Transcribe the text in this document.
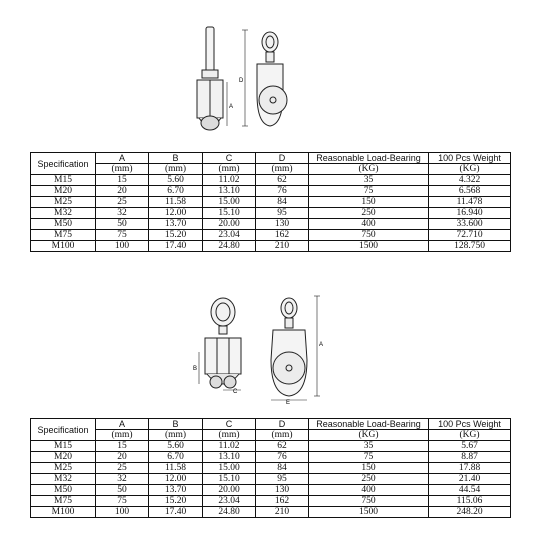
A
D
Specification	A	B	C	D	Reasonable Load-Bearing	100 Pcs Weight
	(mm)	(mm)	(mm)	(mm)	(KG)	(KG)
M15	15	5.60	11.02	62	35	4.322
M20	20	6.70	13.10	76	75	6.568
M25	25	11.58	15.00	84	150	11.478
M32	32	12.00	15.10	95	250	16.940
M50	50	13.70	20.00	130	400	33.600
M75	75	15.20	23.04	162	750	72.710
M100	100	17.40	24.80	210	1500	128.750
A
B
C
E
Specification	A	B	C	D	Reasonable Load-Bearing	100 Pcs Weight
	(mm)	(mm)	(mm)	(mm)	(KG)	(KG)
M15	15	5.60	11.02	62	35	5.67
M20	20	6.70	13.10	76	75	8.87
M25	25	11.58	15.00	84	150	17.88
M32	32	12.00	15.10	95	250	21.40
M50	50	13.70	20.00	130	400	44.54
M75	75	15.20	23.04	162	750	115.06
M100	100	17.40	24.80	210	1500	248.20
